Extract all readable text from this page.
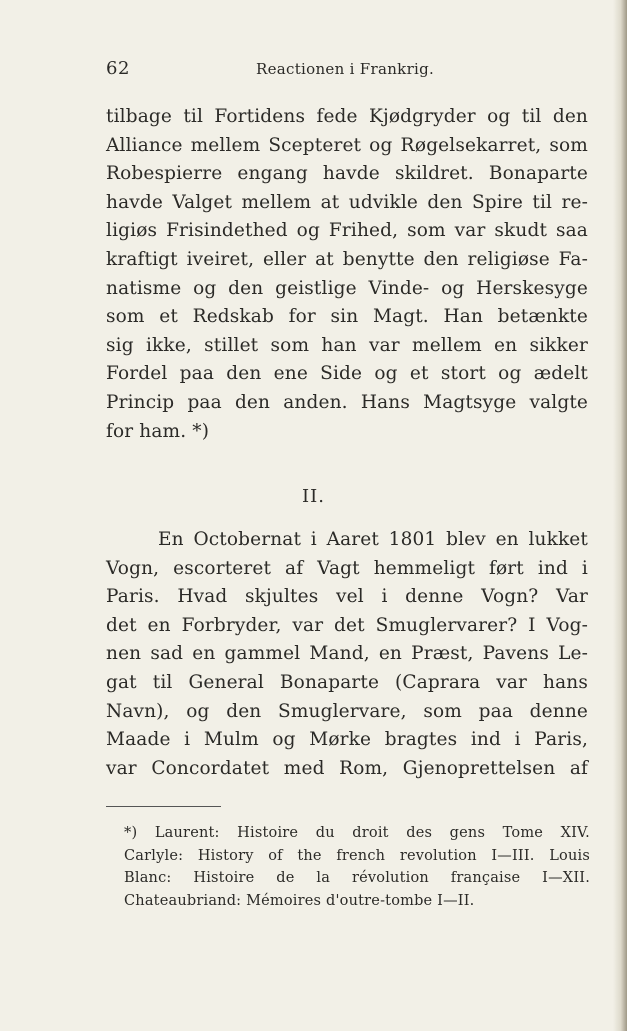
62	Reactionen i Frankrig.
tilbage til Fortidens fede Kjødgryder og til den
Alliance mellem Scepteret og Røgelsekarret, som
Robespierre engang havde skildret. Bonaparte
havde Valget mellem at udvikle den Spire til re-
ligiøs Frisindethed og Frihed, som var skudt saa
kraftigt iveiret, eller at benytte den religiøse Fa-
natisme og den geistlige Vinde- og Herskesyge
som et Redskab for sin Magt. Han betænkte
sig ikke, stillet som han var mellem en sikker
Fordel paa den ene Side og et stort og ædelt
Princip paa den anden. Hans Magtsyge valgte
for ham. *)
II.
En Octobernat i Aaret 1801 blev en lukket
Vogn, escorteret af Vagt hemmeligt ført ind i
Paris. Hvad skjultes vel i denne Vogn? Var
det en Forbryder, var det Smuglervarer? I Vog-
nen sad en gammel Mand, en Præst, Pavens Le-
gat til General Bonaparte (Caprara var hans
Navn), og den Smuglervare, som paa denne
Maade i Mulm og Mørke bragtes ind i Paris,
var Concordatet med Rom, Gjenoprettelsen af
*) Laurent: Histoire du droit des gens Tome XIV.
Carlyle: History of the french revolution I—III. Louis
Blanc: Histoire de la révolution française I—XII.
Chateaubriand: Mémoires d'outre-tombe I—II.
